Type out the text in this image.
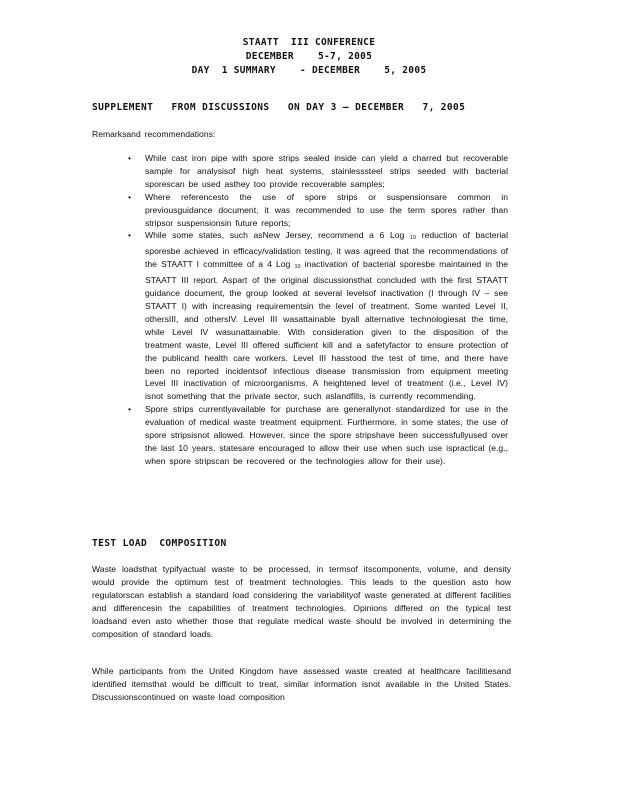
STAATT  III CONFERENCE
DECEMBER    5-7, 2005
DAY  1 SUMMARY    - DECEMBER    5, 2005
SUPPLEMENT   FROM DISCUSSIONS   ON DAY 3 – DECEMBER   7, 2005
Remarksand recommendations:
• While cast iron pipe with spore strips sealed inside can yield a charred but recoverable sample for analysisof high heat systems, stainlesssteel strips seeded with bacterial sporescan be used asthey too provide recoverable samples;
• Where referencesto the use of spore strips or suspensionsare common in previousguidance document, it was recommended to use the term spores rather than stripsor suspensionsin future reports;
• While some states, such asNew Jersey, recommend a 6 Log $_{10}$ reduction of bacterial sporesbe achieved in efficacy/validation testing, it was agreed that the recommendations of the STAATT I committee of a 4 Log $_{10}$ inactivation of bacterial sporesbe maintained in the STAATT III report. Aspart of the original discussionsthat concluded with the first STAATT guidance document, the group looked at several levelsof inactivation (I through IV – see STAATT I) with increasing requirementsin the level of treatment. Some wanted Level II, othersIII, and othersIV. Level III wasattainable byall alternative technologiesat the time, while Level IV wasunattainable. With consideration given to the disposition of the treatment waste, Level III offered sufficient kill and a safetyfactor to ensure protection of the publicand health care workers. Level III hasstood the test of time, and there have been no reported incidentsof infectious disease transmission from equipment meeting Level III inactivation of microorganisms. A heightened level of treatment (i.e., Level IV) isnot something that the private sector, such aslandfills, is currently recommending.
• Spore strips currentlyavailable for purchase are generallynot standardized for use in the evaluation of medical waste treatment equipment. Furthermore, in some states, the use of spore stripsisnot allowed. However, since the spore stripshave been successfullyused over the last 10 years, statesare encouraged to allow their use when such use ispractical (e.g., when spore stripscan be recovered or the technologies allow for their use).
TEST LOAD  COMPOSITION

Waste loadsthat typifyactual waste to be processed, in termsof itscomponents, volume, and density would provide the optimum test of treatment technologies. This leads to the question asto how regulatorscan establish a standard load considering the variabilityof waste generated at different facilities and differencesin the capabilities of treatment technologies. Opinions differed on the typical test loadsand even asto whether those that regulate medical waste should be involved in determining the composition of standard loads.

While participants from the United Kingdom have assessed waste created at healthcare facilitiesand identified itemsthat would be difficult to treat, similar information isnot available in the United States. Discussionscontinued on waste load composition
